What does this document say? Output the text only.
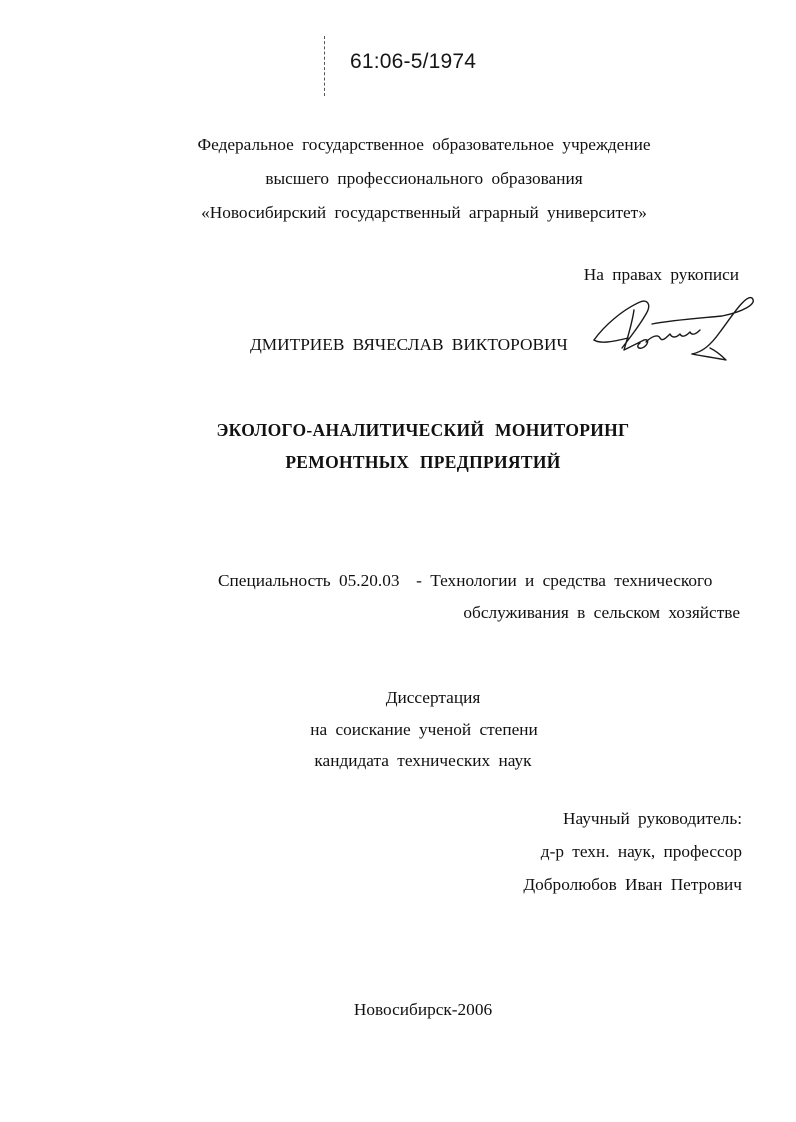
61:06-5/1974
Федеральное государственное образовательное учреждение
высшего профессионального образования
«Новосибирский государственный аграрный университет»
На правах рукописи
ДМИТРИЕВ ВЯЧЕСЛАВ ВИКТОРОВИЧ
ЭКОЛОГО-АНАЛИТИЧЕСКИЙ МОНИТОРИНГ
РЕМОНТНЫХ ПРЕДПРИЯТИЙ
Специальность 05.20.03  - Технологии и средства технического
обслуживания в сельском хозяйстве
Диссертация
на соискание ученой степени
кандидата технических наук
Научный руководитель:
д-р техн. наук, профессор
Добролюбов Иван Петрович
Новосибирск-2006
